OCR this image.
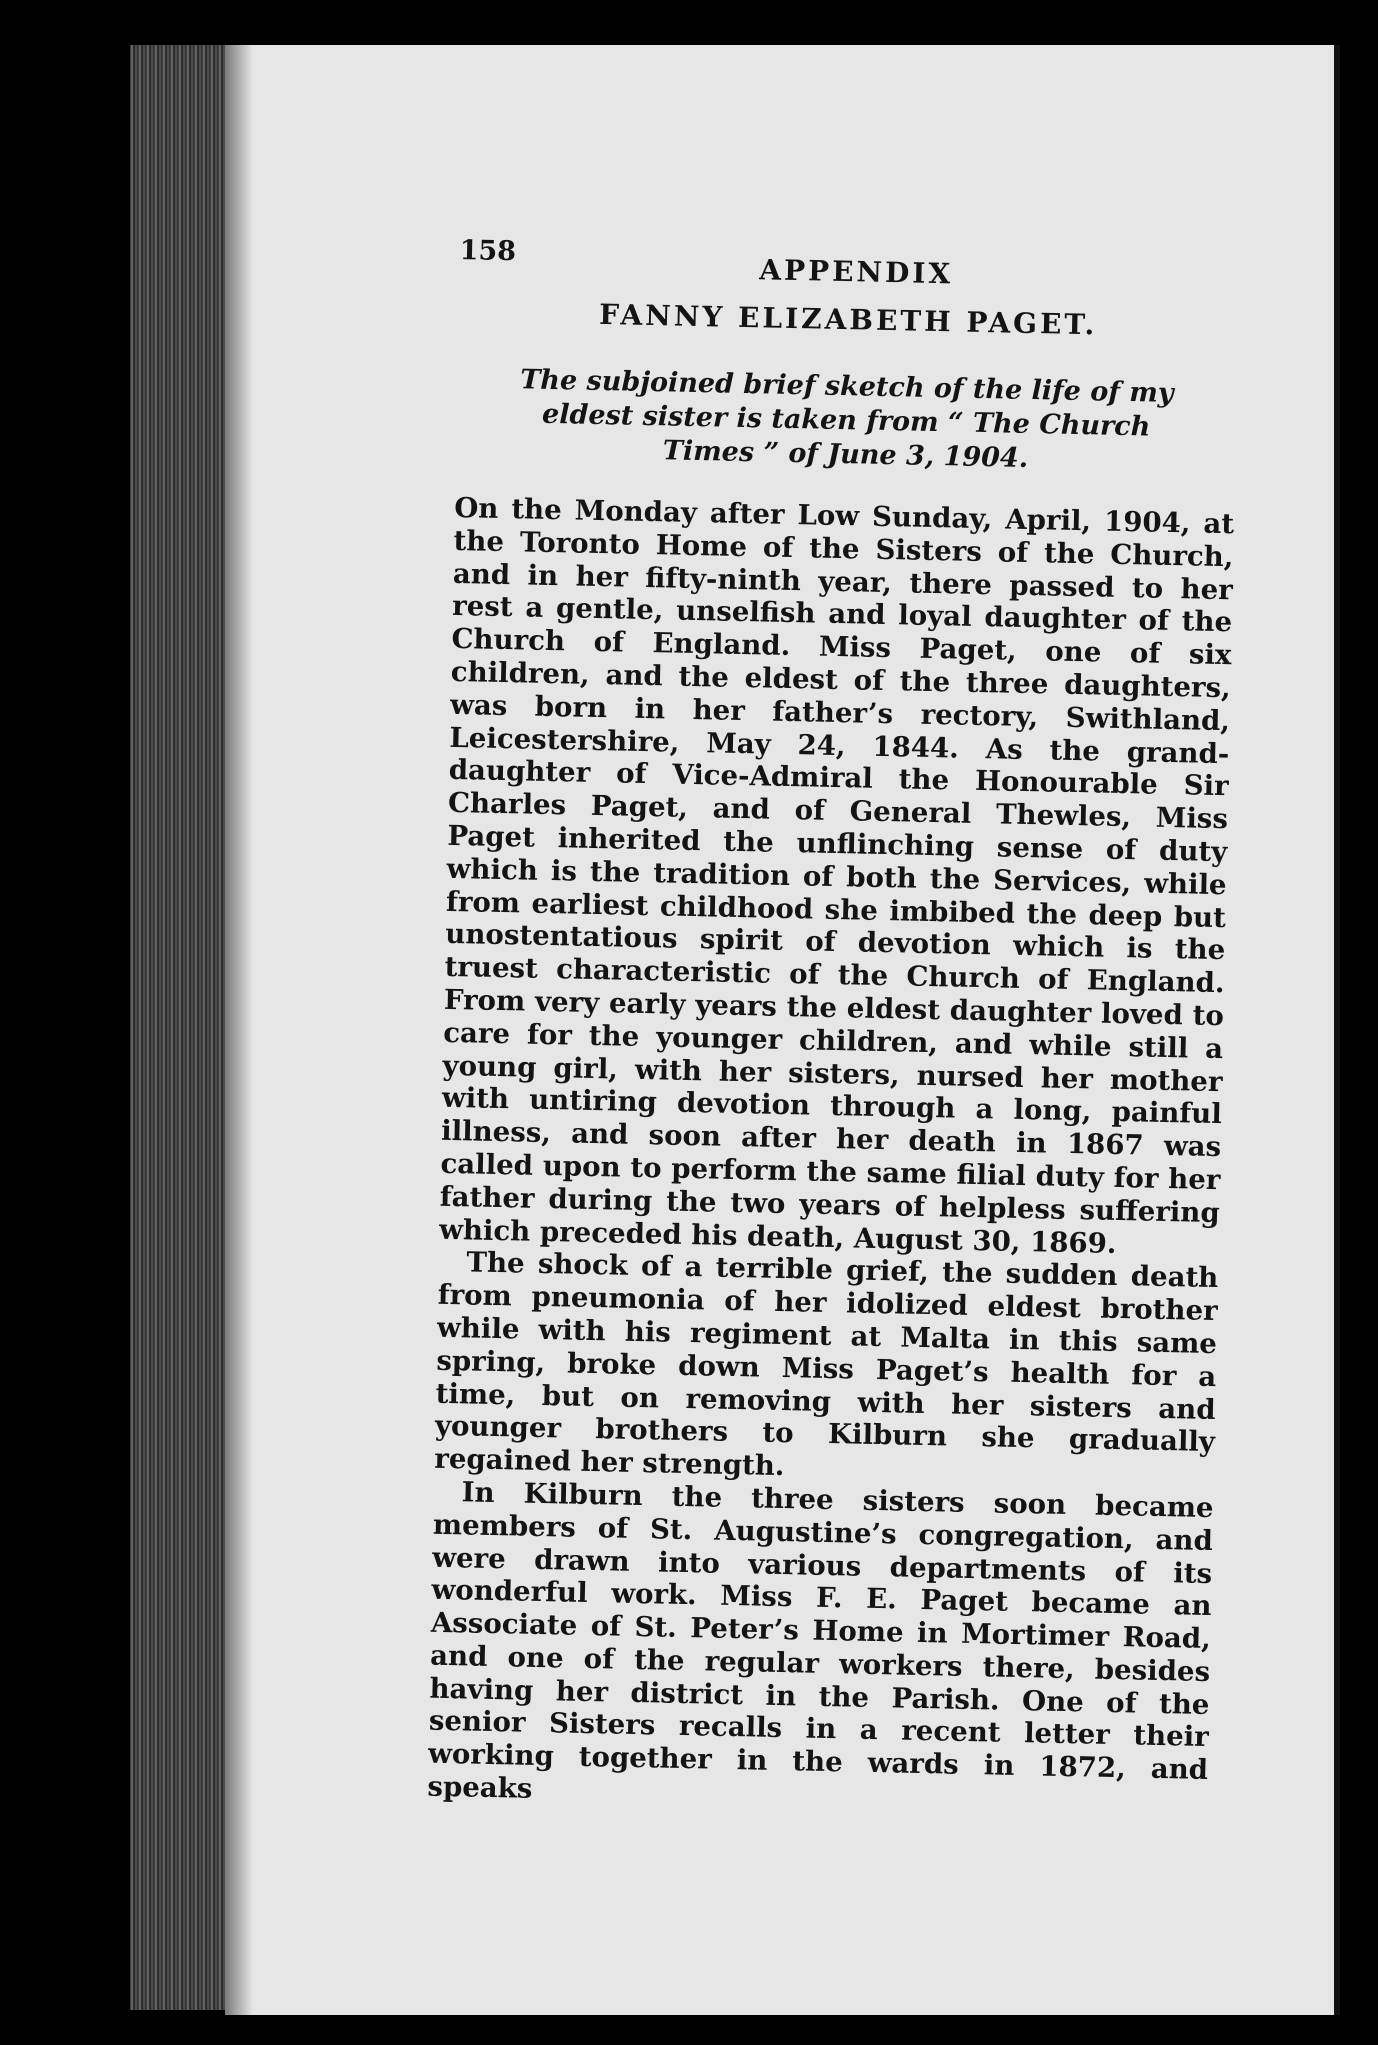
158
APPENDIX
FANNY ELIZABETH PAGET.
The subjoined brief sketch of the life of my eldest sister is taken from “ The Church Times ” of June 3, 1904.

On the Monday after Low Sunday, April, 1904, at the Toronto Home of the Sisters of the Church, and in her fifty-ninth year, there passed to her rest a gentle, unselfish and loyal daughter of the Church of England. Miss Paget, one of six children, and the eldest of the three daughters, was born in her father’s rectory, Swithland, Leicestershire, May 24, 1844. As the grand-daughter of Vice-Admiral the Honourable Sir Charles Paget, and of General Thewles, Miss Paget inherited the unflinching sense of duty which is the tradition of both the Services, while from earliest childhood she imbibed the deep but unostentatious spirit of devotion which is the truest characteristic of the Church of England. From very early years the eldest daughter loved to care for the younger children, and while still a young girl, with her sisters, nursed her mother with untiring devotion through a long, painful illness, and soon after her death in 1867 was called upon to perform the same filial duty for her father during the two years of helpless suffering which preceded his death, August 30, 1869.

The shock of a terrible grief, the sudden death from pneumonia of her idolized eldest brother while with his regiment at Malta in this same spring, broke down Miss Paget’s health for a time, but on removing with her sisters and younger brothers to Kilburn she gradually regained her strength.

In Kilburn the three sisters soon became members of St. Augustine’s congregation, and were drawn into various departments of its wonderful work. Miss F. E. Paget became an Associate of St. Peter’s Home in Mortimer Road, and one of the regular workers there, besides having her district in the Parish. One of the senior Sisters recalls in a recent letter their working together in the wards in 1872, and speaks
